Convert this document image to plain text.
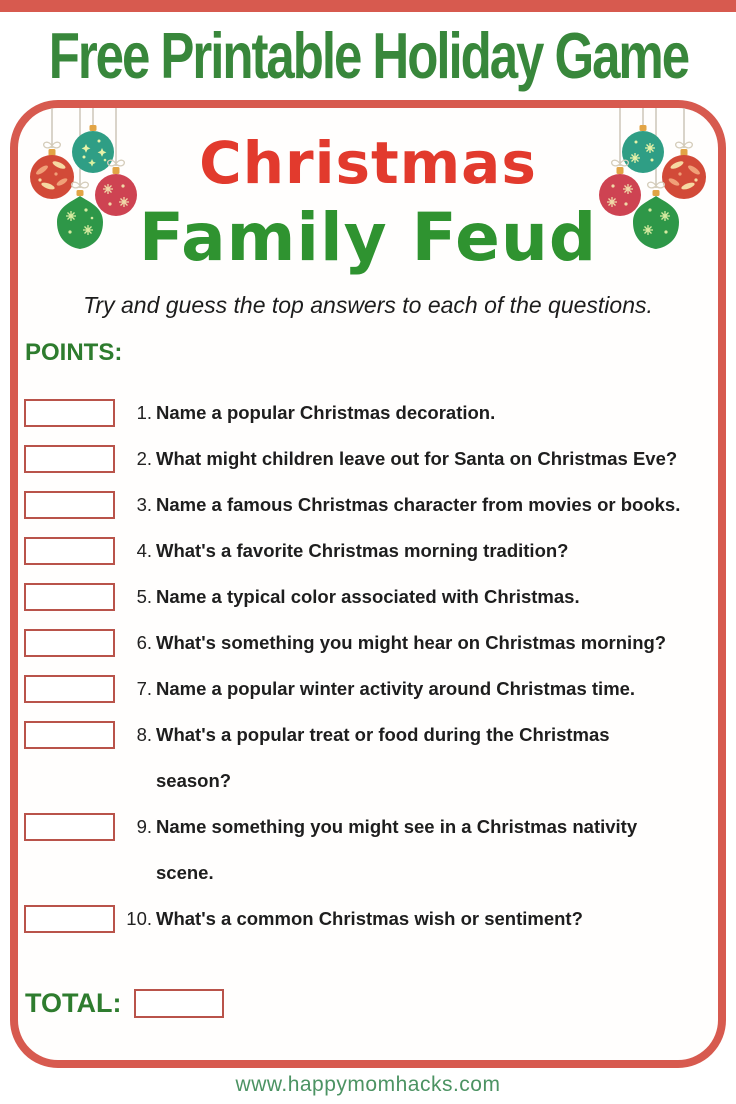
Free Printable Holiday Game
Christmas
Family Feud
Try and guess the top answers to each of the questions.
POINTS:
1. Name a popular Christmas decoration.
2. What might children leave out for Santa on Christmas Eve?
3. Name a famous Christmas character from movies or books.
4. What's a favorite Christmas morning tradition?
5. Name a typical color associated with Christmas.
6. What's something you might hear on Christmas morning?
7. Name a popular winter activity around Christmas time.
8. What's a popular treat or food during the Christmas
season?
9. Name something you might see in a Christmas nativity
scene.
10. What's a common Christmas wish or sentiment?
TOTAL:
www.happymomhacks.com
